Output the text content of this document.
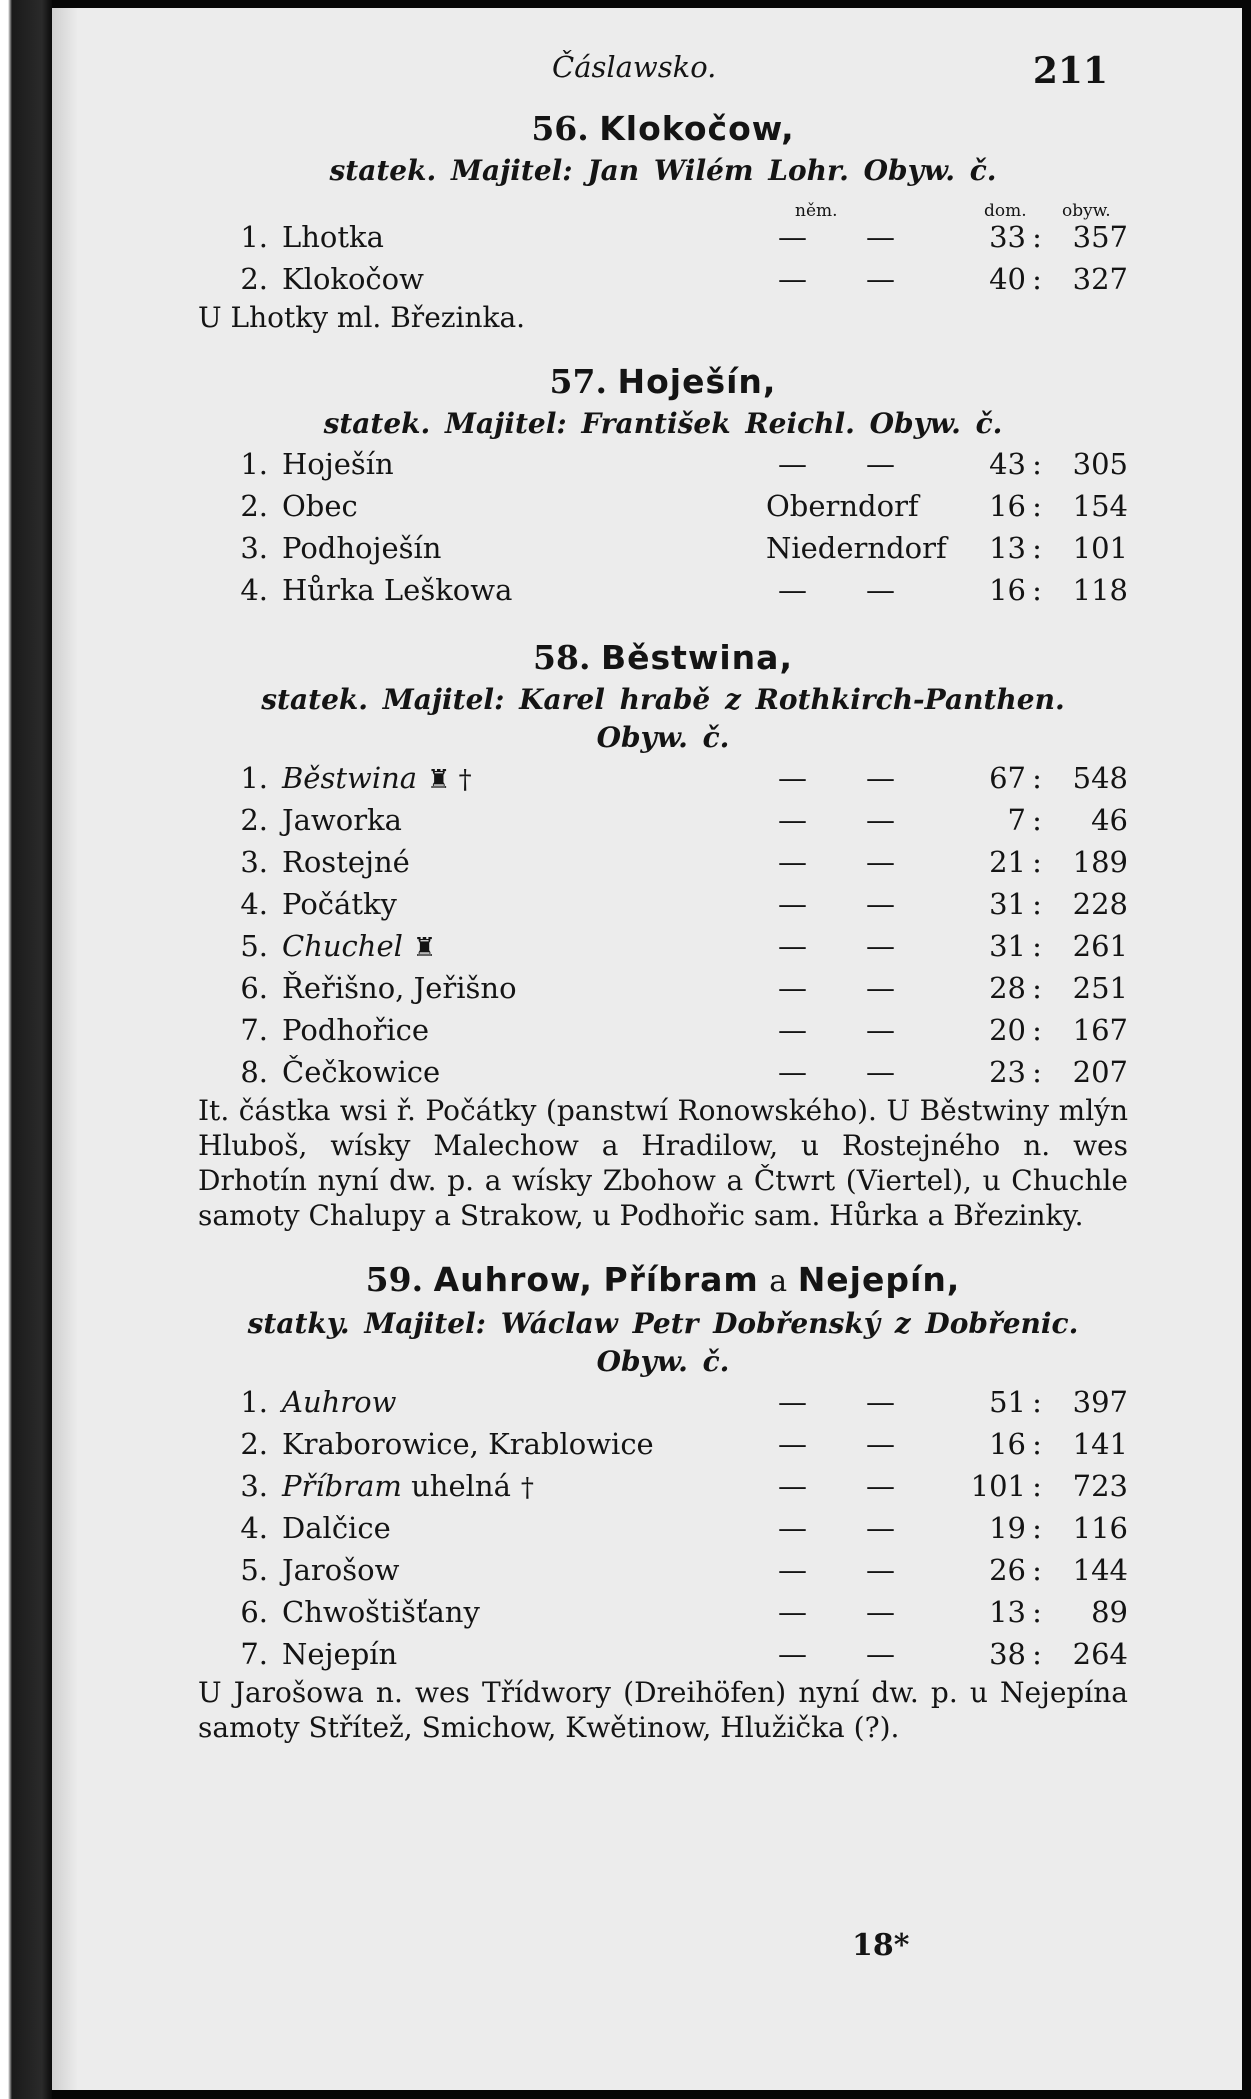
Čáslawsko.	211
56. Klokočow,
statek. Majitel: Jan Wilém Lohr. Obyw. č.
něm.	dom. obyw.
1. Lhotka	— —	33 :	357
2. Klokočow	— —	40 :	327
U Lhotky ml. Březinka.
57. Hoješín,
statek. Majitel: František Reichl. Obyw. č.
1. Hoješín	— —	43 :	305
2. Obec	Oberndorf	16 :	154
3. Podhoješín	Niederndorf	13 :	101
4. Hůrka Leškowa	— —	16 :	118
58. Běstwina,
statek. Majitel: Karel hrabě z Rothkirch-Panthen.
Obyw. č.
1. Běstwina ♜ †	— —	67 :	548
2. Jaworka	— —	7 :	46
3. Rostejné	— —	21 :	189
4. Počátky	— —	31 :	228
5. Chuchel ♜	— —	31 :	261
6. Řeřišno, Jeřišno	— —	28 :	251
7. Podhořice	— —	20 :	167
8. Čečkowice	— —	23 :	207
It. částka wsi ř. Počátky (panstwí Ronowského). U Běstwiny mlýn Hluboš, wísky Malechow a Hradilow, u Rostejného n. wes Drhotín nyní dw. p. a wísky Zbohow a Čtwrt (Viertel), u Chuchle samoty Chalupy a Strakow, u Podhořic sam. Hůrka a Březinky.
59. Auhrow, Příbram a Nejepín,
statky. Majitel: Wáclaw Petr Dobřenský z Dobřenic.
Obyw. č.
1. Auhrow	— —	51 :	397
2. Kraborowice, Krablowice	— —	16 :	141
3. Příbram uhelná †	— —	101 :	723
4. Dalčice	— —	19 :	116
5. Jarošow	— —	26 :	144
6. Chwoštišťany	— —	13 :	89
7. Nejepín	— —	38 :	264
U Jarošowa n. wes Třídwory (Dreihöfen) nyní dw. p. u Nejepína samoty Střítež, Smichow, Kwětinow, Hlužička (?).
18*
